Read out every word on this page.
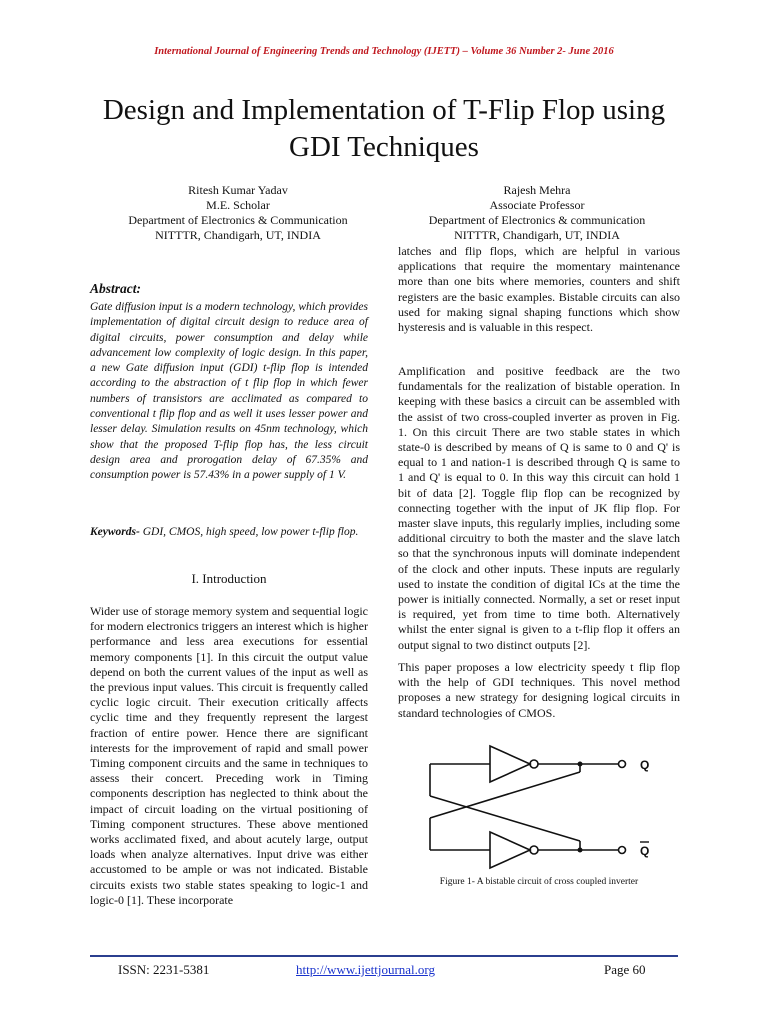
International Journal of Engineering Trends and Technology (IJETT) – Volume 36 Number 2- June 2016
Design and Implementation of T-Flip Flop using
GDI Techniques
Ritesh Kumar Yadav
M.E. Scholar
Department of Electronics & Communication
NITTTR, Chandigarh, UT, INDIA
Rajesh Mehra
Associate Professor
Department of Electronics & communication
NITTTR, Chandigarh, UT, INDIA
Abstract:

Gate diffusion input is a modern technology, which provides implementation of digital circuit design to reduce area of digital circuits, power consumption and delay while advancement low complexity of logic design. In this paper, a new Gate diffusion input (GDI) t-flip flop is intended according to the abstraction of t flip flop in which fewer numbers of transistors are acclimated as compared to conventional t flip flop and as well it uses lesser power and lesser delay. Simulation results on 45nm technology, which show that the proposed T-flip flop has, the less circuit design area and prorogation delay of 67.35% and consumption power is 57.43% in a power supply of 1 V.

Keywords- GDI, CMOS, high speed, low power t-flip flop.
I. Introduction

Wider use of storage memory system and sequential logic for modern electronics triggers an interest which is higher performance and less area executions for essential memory components [1]. In this circuit the output value depend on both the current values of the input as well as the previous input values. This circuit is frequently called cyclic logic circuit. Their execution critically affects cyclic time and they frequently represent the largest fraction of entire power. Hence there are significant interests for the improvement of rapid and small power Timing component circuits and the same in techniques to assess their concert. Preceding work in Timing components description has neglected to think about the impact of circuit loading on the virtual positioning of Timing component structures. These above mentioned works acclimated fixed, and about acutely large, output loads when analyze alternatives. Input drive was either accustomed to be ample or was not indicated. Bistable circuits exists two stable states speaking to logic-1 and logic-0 [1]. These incorporate

latches and flip flops, which are helpful in various applications that require the momentary maintenance more than one bits where memories, counters and shift registers are the basic examples. Bistable circuits can also used for making signal shaping functions which show hysteresis and is valuable in this respect.

Amplification and positive feedback are the two fundamentals for the realization of bistable operation. In keeping with these basics a circuit can be assembled with the assist of two cross-coupled inverter as proven in Fig. 1. On this circuit There are two stable states in which state-0 is described by means of Q is same to 0 and Q' is equal to 1 and nation-1 is described through Q is same to 1 and Q' is equal to 0. In this way this circuit can hold 1 bit of data [2]. Toggle flip flop can be recognized by connecting together with the input of JK flip flop. For master slave inputs, this regularly implies, including some additional circuitry to both the master and the slave latch so that the synchronous inputs will dominate independent of the clock and other inputs. These inputs are regularly used to instate the condition of digital ICs at the time the power is initially connected. Normally, a set or reset input is required, yet from time to time both. Alternatively whilst the enter signal is given to a t-flip flop it offers an output signal to two distinct outputs [2].

This paper proposes a low electricity speedy t flip flop with the help of GDI techniques. This novel method proposes a new strategy for designing logical circuits in standard technologies of CMOS.

Q
Q
Figure 1- A bistable circuit of cross coupled inverter
ISSN: 2231-5381	http://www.ijettjournal.org	Page 60
